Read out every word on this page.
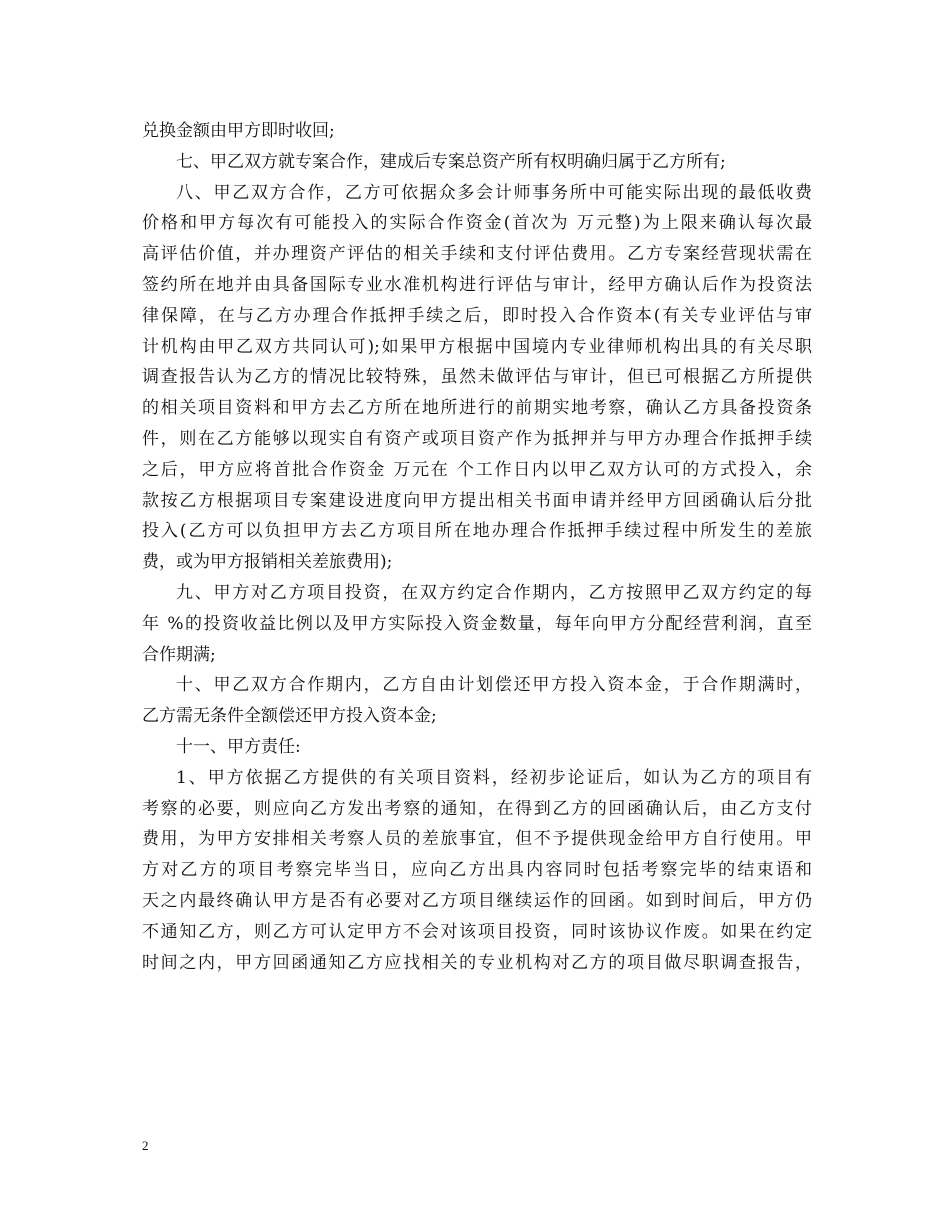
兑换金额由甲方即时收回;
七、甲乙双方就专案合作，建成后专案总资产所有权明确归属于乙方所有;
八、甲乙双方合作，乙方可依据众多会计师事务所中可能实际出现的最低收费
价格和甲方每次有可能投入的实际合作资金(首次为 万元整)为上限来确认每次最
高评估价值，并办理资产评估的相关手续和支付评估费用。乙方专案经营现状需在
签约所在地并由具备国际专业水准机构进行评估与审计，经甲方确认后作为投资法
律保障，在与乙方办理合作抵押手续之后，即时投入合作资本(有关专业评估与审
计机构由甲乙双方共同认可);如果甲方根据中国境内专业律师机构出具的有关尽职
调查报告认为乙方的情况比较特殊，虽然未做评估与审计，但已可根据乙方所提供
的相关项目资料和甲方去乙方所在地所进行的前期实地考察，确认乙方具备投资条
件，则在乙方能够以现实自有资产或项目资产作为抵押并与甲方办理合作抵押手续
之后，甲方应将首批合作资金 万元在 个工作日内以甲乙双方认可的方式投入，余
款按乙方根据项目专案建设进度向甲方提出相关书面申请并经甲方回函确认后分批
投入(乙方可以负担甲方去乙方项目所在地办理合作抵押手续过程中所发生的差旅
费，或为甲方报销相关差旅费用);
九、甲方对乙方项目投资，在双方约定合作期内，乙方按照甲乙双方约定的每
年 %的投资收益比例以及甲方实际投入资金数量，每年向甲方分配经营利润，直至
合作期满;
十、甲乙双方合作期内，乙方自由计划偿还甲方投入资本金，于合作期满时，
乙方需无条件全额偿还甲方投入资本金;
十一、甲方责任:
1、甲方依据乙方提供的有关项目资料，经初步论证后，如认为乙方的项目有
考察的必要，则应向乙方发出考察的通知，在得到乙方的回函确认后，由乙方支付
费用，为甲方安排相关考察人员的差旅事宜，但不予提供现金给甲方自行使用。甲
方对乙方的项目考察完毕当日，应向乙方出具内容同时包括考察完毕的结束语和
天之内最终确认甲方是否有必要对乙方项目继续运作的回函。如到时间后，甲方仍
不通知乙方，则乙方可认定甲方不会对该项目投资，同时该协议作废。如果在约定
时间之内，甲方回函通知乙方应找相关的专业机构对乙方的项目做尽职调查报告，
2
